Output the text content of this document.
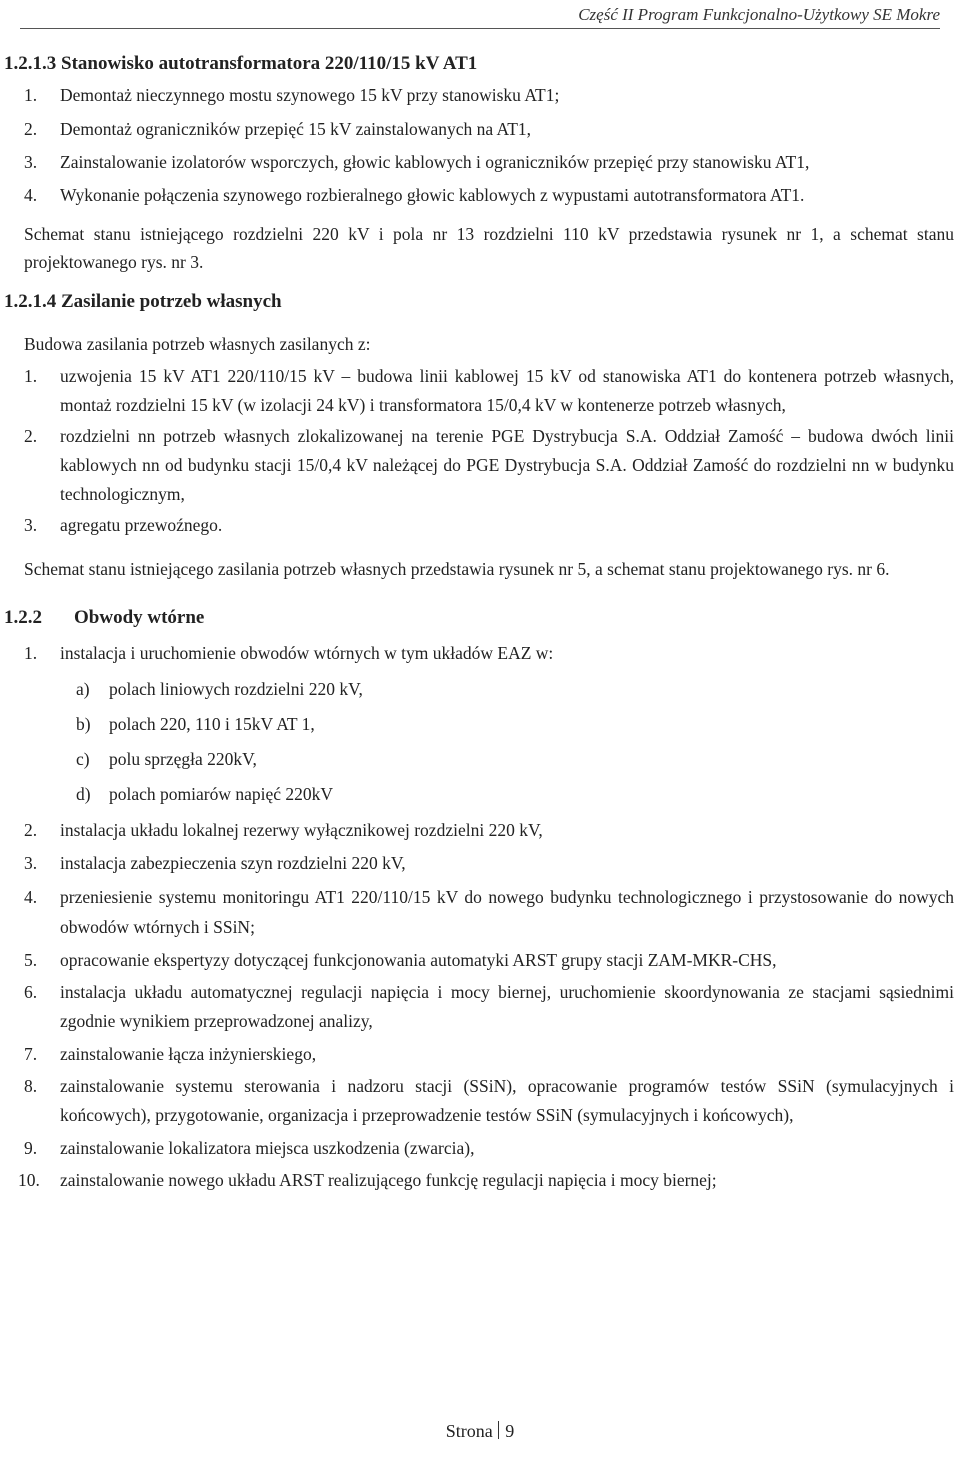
Część II Program Funkcjonalno-Użytkowy SE Mokre
1.2.1.3 Stanowisko autotransformatora 220/110/15 kV AT1
1. Demontaż nieczynnego mostu szynowego 15 kV przy stanowisku AT1;
2. Demontaż ograniczników przepięć 15 kV zainstalowanych na AT1,
3. Zainstalowanie izolatorów wsporczych, głowic kablowych i ograniczników przepięć przy stanowisku AT1,
4. Wykonanie połączenia szynowego rozbieralnego głowic kablowych z wypustami autotransformatora AT1.

Schemat stanu istniejącego rozdzielni 220 kV i pola nr 13 rozdzielni 110 kV przedstawia rysunek nr 1, a schemat stanu projektowanego rys. nr 3.

1.2.1.4 Zasilanie potrzeb własnych

Budowa zasilania potrzeb własnych zasilanych z:

1. uzwojenia 15 kV AT1 220/110/15 kV – budowa linii kablowej 15 kV od stanowiska AT1 do kontenera potrzeb własnych, montaż rozdzielni 15 kV (w izolacji 24 kV) i transformatora 15/0,4 kV w kontenerze potrzeb własnych,
2. rozdzielni nn potrzeb własnych zlokalizowanej na terenie PGE Dystrybucja S.A. Oddział Zamość – budowa dwóch linii kablowych nn od budynku stacji 15/0,4 kV należącej do PGE Dystrybucja S.A. Oddział Zamość do rozdzielni nn w budynku technologicznym,
3. agregatu przewoźnego.

Schemat stanu istniejącego zasilania potrzeb własnych przedstawia rysunek nr 5, a schemat stanu projektowanego rys. nr 6.

1.2.2 Obwody wtórne
1. instalacja i uruchomienie obwodów wtórnych w tym układów EAZ w:
a) polach liniowych rozdzielni 220 kV,
b) polach 220, 110 i 15kV AT 1,
c) polu sprzęgła 220kV,
d) polach pomiarów napięć 220kV
2. instalacja układu lokalnej rezerwy wyłącznikowej rozdzielni 220 kV,
3. instalacja zabezpieczenia szyn rozdzielni 220 kV,
4. przeniesienie systemu monitoringu AT1 220/110/15 kV do nowego budynku technologicznego i przystosowanie do nowych obwodów wtórnych i SSiN;
5. opracowanie ekspertyzy dotyczącej funkcjonowania automatyki ARST grupy stacji ZAM-MKR-CHS,
6. instalacja układu automatycznej regulacji napięcia i mocy biernej, uruchomienie skoordynowania ze stacjami sąsiednimi zgodnie wynikiem przeprowadzonej analizy,
7. zainstalowanie łącza inżynierskiego,
8. zainstalowanie systemu sterowania i nadzoru stacji (SSiN), opracowanie programów testów SSiN (symulacyjnych i końcowych), przygotowanie, organizacja i przeprowadzenie testów SSiN (symulacyjnych i końcowych),
9. zainstalowanie lokalizatora miejsca uszkodzenia (zwarcia),
10. zainstalowanie nowego układu ARST realizującego funkcję regulacji napięcia i mocy biernej;
Strona 9
